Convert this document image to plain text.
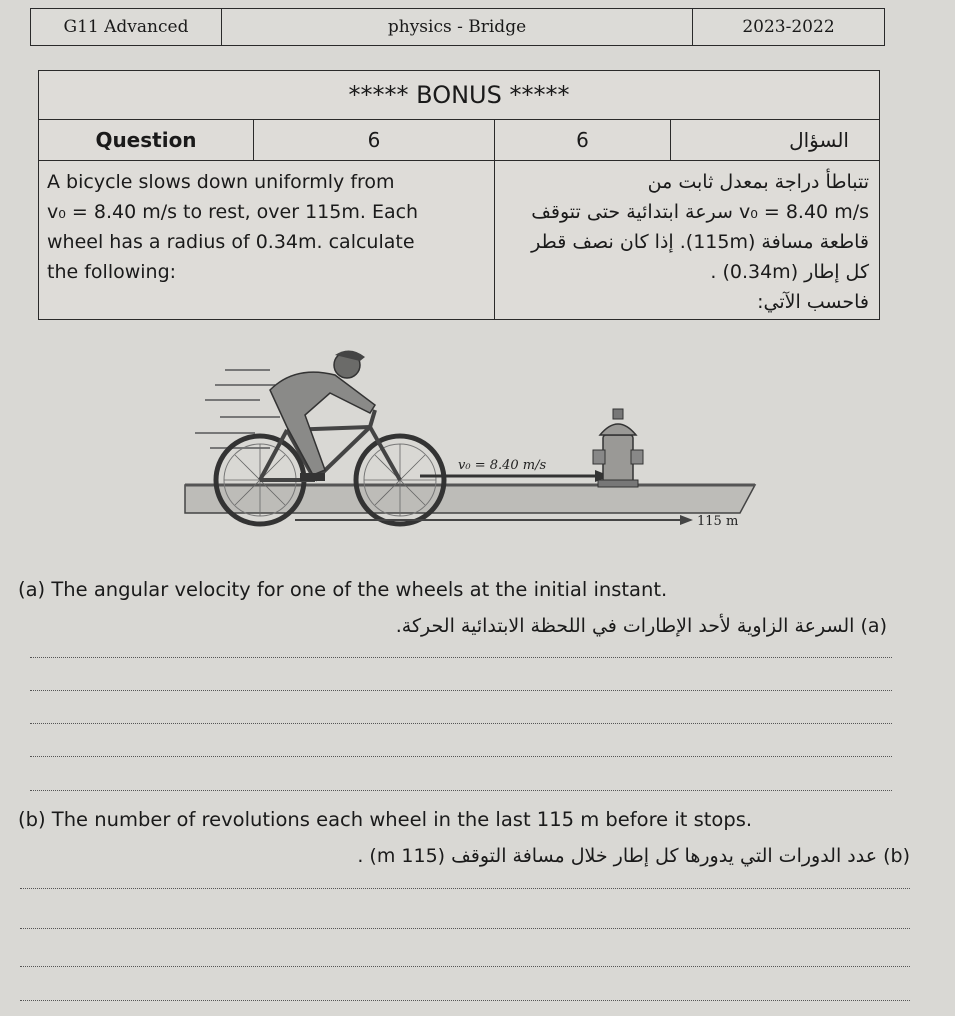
G11 Advanced	physics - Bridge	2023-2022
***** BONUS *****
Question	6	6	السؤال
A bicycle slows down uniformly from
v₀ = 8.40 m/s to rest, over 115m. Each
wheel has a radius of 0.34m. calculate
the following:
تتباطأ دراجة بمعدل ثابت من
v₀ = 8.40 m/s سرعة ابتدائية حتى تتوقف
قاطعة مسافة (115m). إذا كان نصف قطر
كل إطار (0.34m) .
فاحسب الآتي:
v₀ = 8.40 m/s
115 m
(a) The angular velocity for one of the wheels at the initial instant.
(a) السرعة الزاوية لأحد الإطارات في اللحظة الابتدائية الحركة.
(b) The number of revolutions each wheel in the last 115 m before it stops.
(b) عدد الدورات التي يدورها كل إطار خلال مسافة التوقف (115 m) .
